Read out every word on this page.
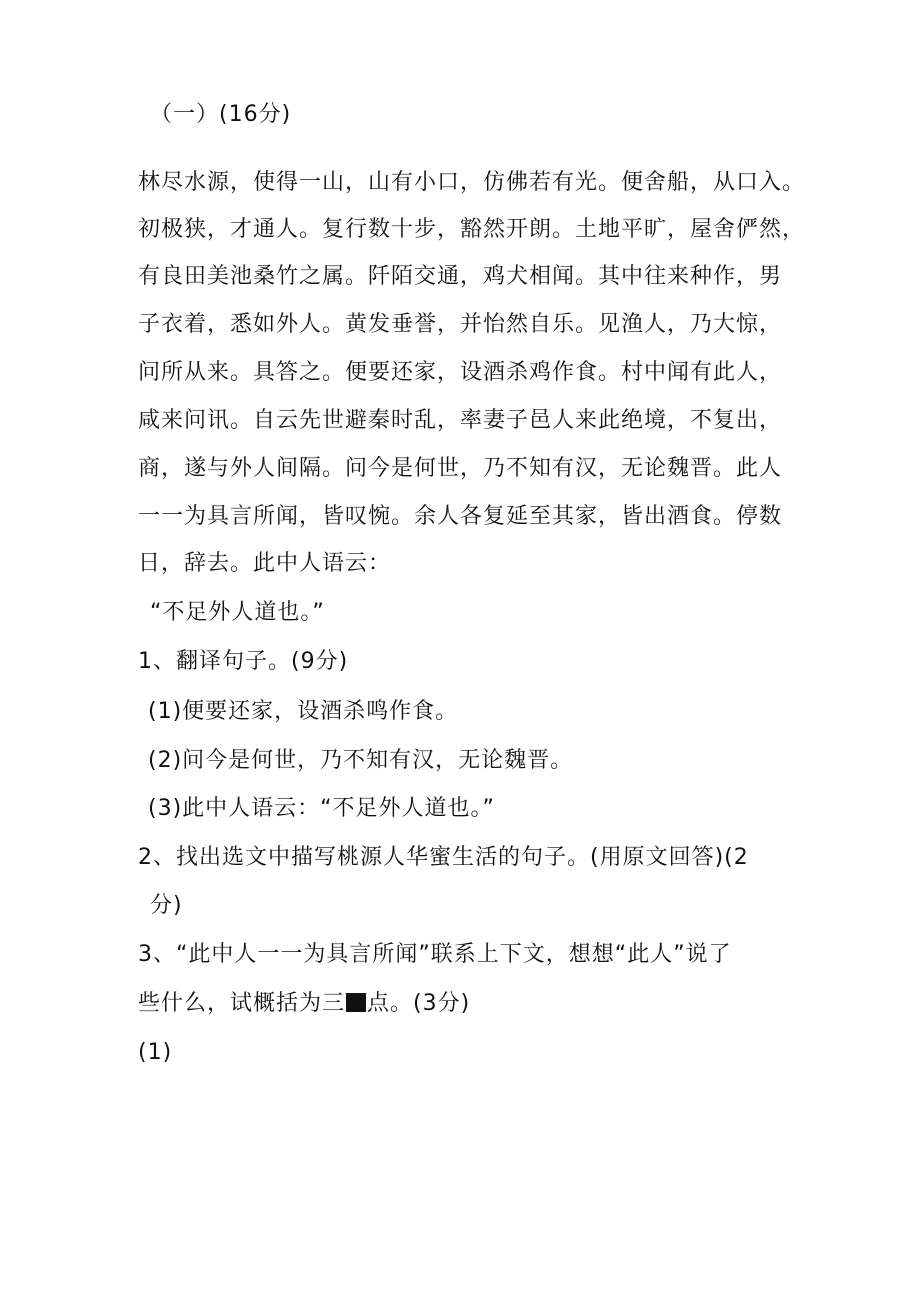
（一）(16分)
林尽水源，使得一山，山有小口，仿佛若有光。便舍船，从口入。
初极狭，才通人。复行数十步，豁然开朗。土地平旷，屋舍俨然，
有良田美池桑竹之属。阡陌交通，鸡犬相闻。其中往来种作，男
子衣着，悉如外人。黄发垂誉，并怡然自乐。见渔人，乃大惊，
问所从来。具答之。便要还家，设酒杀鸡作食。村中闻有此人，
咸来问讯。自云先世避秦时乱，率妻子邑人来此绝境，不复出，
商，遂与外人间隔。问今是何世，乃不知有汉，无论魏晋。此人
一一为具言所闻，皆叹惋。余人各复延至其家，皆出酒食。停数
日，辞去。此中人语云：
“不足外人道也。”
1、翻译句子。(9分)
(1)便要还家，设酒杀鸣作食。
(2)问今是何世，乃不知有汉，无论魏晋。
(3)此中人语云：“不足外人道也。”
2、找出选文中描写桃源人华蜜生活的句子。(用原文回答)(2
分)
3、“此中人一一为具言所闻”联系上下文，想想“此人”说了
些什么，试概括为三 点。(3分)
(1)
